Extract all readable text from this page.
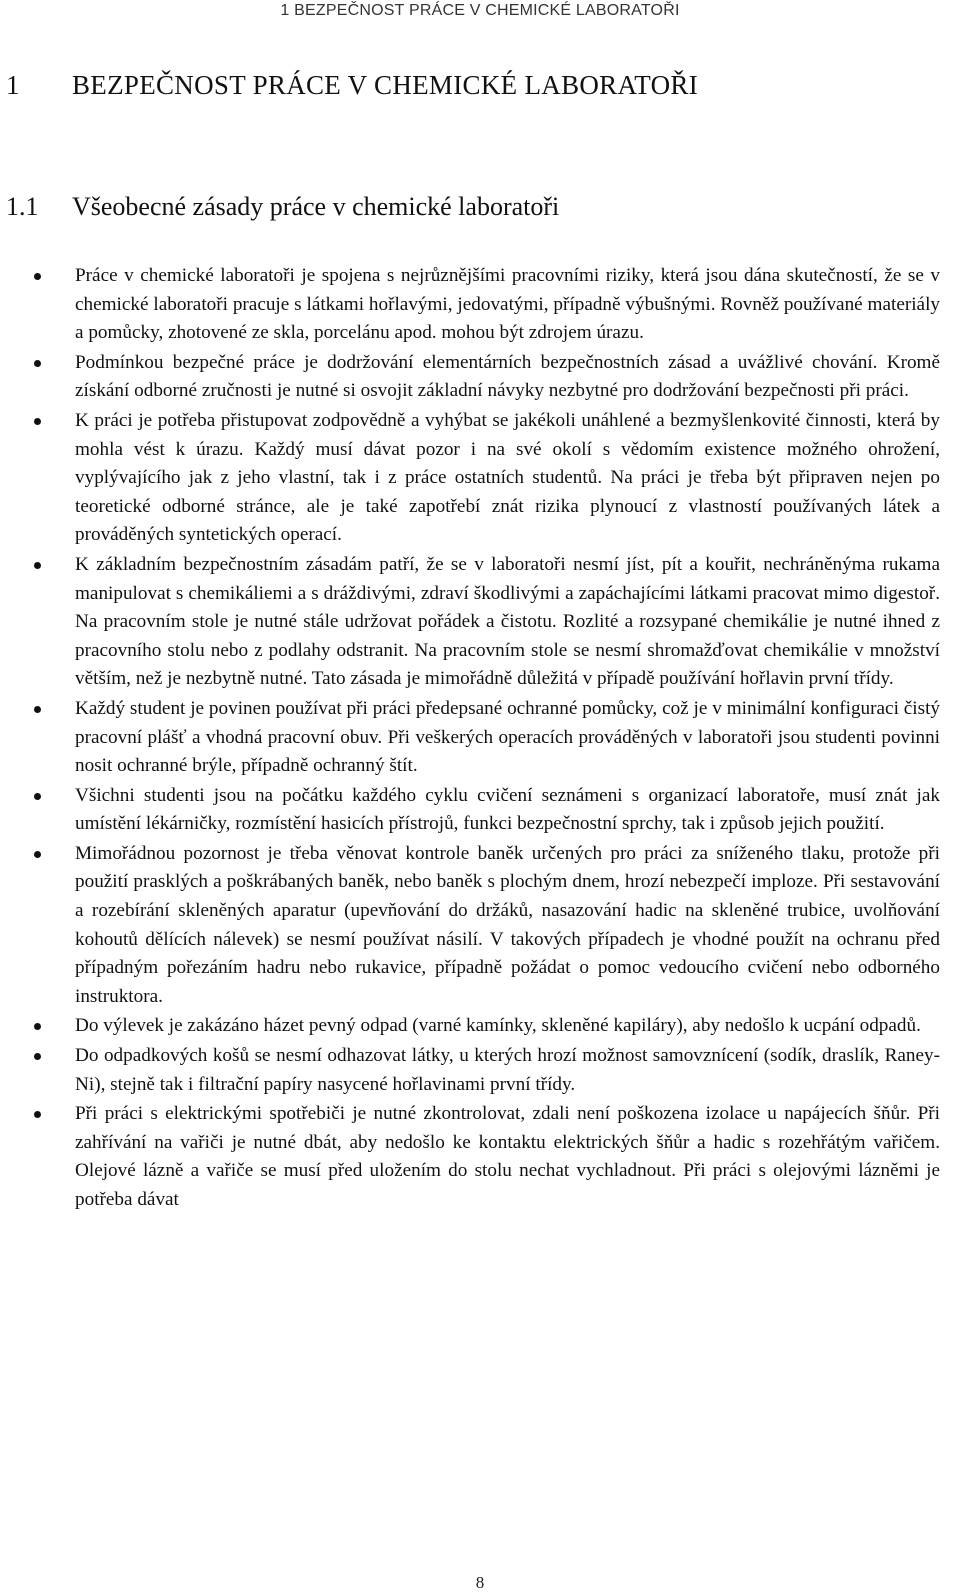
1 BEZPEČNOST PRÁCE V CHEMICKÉ LABORATOŘI
1 BEZPEČNOST PRÁCE V CHEMICKÉ LABORATOŘI
1.1 Všeobecné zásady práce v chemické laboratoři
Práce v chemické laboratoři je spojena s nejrůznějšími pracovními riziky, která jsou dána skutečností, že se v chemické laboratoři pracuje s látkami hořlavými, jedovatými, případně výbušnými. Rovněž používané materiály a pomůcky, zhotovené ze skla, porcelánu apod. mohou být zdrojem úrazu.
Podmínkou bezpečné práce je dodržování elementárních bezpečnostních zásad a uvážlivé chování. Kromě získání odborné zručnosti je nutné si osvojit základní návyky nezbytné pro dodržování bezpečnosti při práci.
K práci je potřeba přistupovat zodpovědně a vyhýbat se jakékoli unáhlené a bezmyšlenkovité činnosti, která by mohla vést k úrazu. Každý musí dávat pozor i na své okolí s vědomím existence možného ohrožení, vyplývajícího jak z jeho vlastní, tak i z práce ostatních studentů. Na práci je třeba být připraven nejen po teoretické odborné stránce, ale je také zapotřebí znát rizika plynoucí z vlastností používaných látek a prováděných syntetických operací.
K základním bezpečnostním zásadám patří, že se v laboratoři nesmí jíst, pít a kouřit, nechráněnýma rukama manipulovat s chemikáliemi a s dráždivými, zdraví škodlivými a zapáchajícími látkami pracovat mimo digestoř. Na pracovním stole je nutné stále udržovat pořádek a čistotu. Rozlité a rozsypané chemikálie je nutné ihned z pracovního stolu nebo z podlahy odstranit. Na pracovním stole se nesmí shromažďovat chemikálie v množství větším, než je nezbytně nutné. Tato zásada je mimořádně důležitá v případě používání hořlavin první třídy.
Každý student je povinen používat při práci předepsané ochranné pomůcky, což je v minimální konfiguraci čistý pracovní plášť a vhodná pracovní obuv. Při veškerých operacích prováděných v laboratoři jsou studenti povinni nosit ochranné brýle, případně ochranný štít.
Všichni studenti jsou na počátku každého cyklu cvičení seznámeni s organizací laboratoře, musí znát jak umístění lékárničky, rozmístění hasicích přístrojů, funkci bezpečnostní sprchy, tak i způsob jejich použití.
Mimořádnou pozornost je třeba věnovat kontrole baněk určených pro práci za sníženého tlaku, protože při použití prasklých a poškrábaných baněk, nebo baněk s plochým dnem, hrozí nebezpečí imploze. Při sestavování a rozebírání skleněných aparatur (upevňování do držáků, nasazování hadic na skleněné trubice, uvolňování kohoutů dělících nálevek) se nesmí používat násilí. V takových případech je vhodné použít na ochranu před případným pořezáním hadru nebo rukavice, případně požádat o pomoc vedoucího cvičení nebo odborného instruktora.
Do výlevek je zakázáno házet pevný odpad (varné kamínky, skleněné kapiláry), aby nedošlo k ucpání odpadů.
Do odpadkových košů se nesmí odhazovat látky, u kterých hrozí možnost samovznícení (sodík, draslík, Raney-Ni), stejně tak i filtrační papíry nasycené hořlavinami první třídy.
Při práci s elektrickými spotřebiči je nutné zkontrolovat, zdali není poškozena izolace u napájecích šňůr. Při zahřívání na vařiči je nutné dbát, aby nedošlo ke kontaktu elektrických šňůr a hadic s rozehřátým vařičem. Olejové lázně a vařiče se musí před uložením do stolu nechat vychladnout. Při práci s olejovými lázněmi je potřeba dávat
8
